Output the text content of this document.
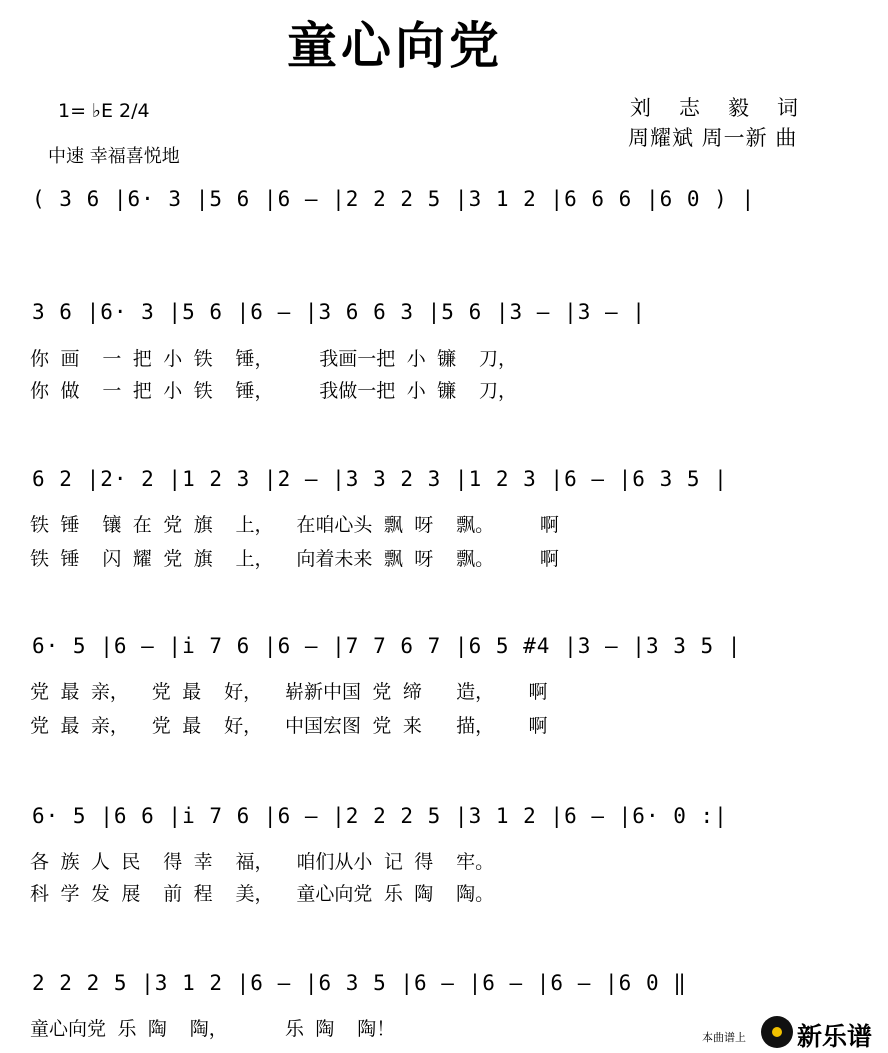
童心向党
1= ♭E 2/4
中速 幸福喜悦地
刘志毅词
周耀斌 周一新 曲
( 3 6 |6· 3 |5 6 |6 — |2 2 2 5 |3 1 2 |6 6 6 |6 0 ) |
3 6 |6· 3 |5 6 |6 — |3 6 6 3 |5 6 |3 — |3 — |
你 画  一 把 小 铁  锤，    我画一把 小 镰  刀，
你 做  一 把 小 铁  锤，    我做一把 小 镰  刀，
6 2 |2· 2 |1 2 3 |2 — |3 3 2 3 |1 2 3 |6 — |6 3 5 |
铁 锤  镶 在 党 旗  上，  在咱心头 飘 呀  飘。    啊
铁 锤  闪 耀 党 旗  上，  向着未来 飘 呀  飘。    啊
6· 5 |6 — |i 7 6 |6 — |7 7 6 7 |6 5 #4 |3 — |3 3 5 |
党 最 亲，  党 最  好，  崭新中国 党 缔   造，   啊
党 最 亲，  党 最  好，  中国宏图 党 来   描，   啊
6· 5 |6 6 |i 7 6 |6 — |2 2 2 5 |3 1 2 |6 — |6· 0 :|
各 族 人 民  得 幸  福，  咱们从小 记 得  牢。
科 学 发 展  前 程  美，  童心向党 乐 陶  陶。
2 2 2 5 |3 1 2 |6 — |6 3 5 |6 — |6 — |6 — |6 0 ‖
童心向党 乐 陶  陶，     乐 陶  陶！	本曲谱上 新乐谱
